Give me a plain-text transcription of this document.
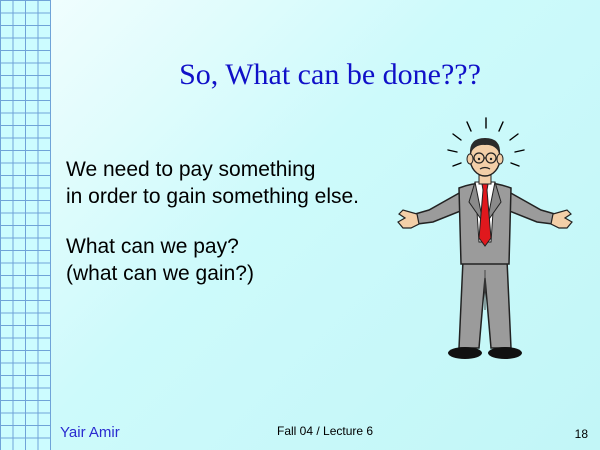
So, What can be done???

We need to pay something
in order to gain something else.

What can we pay?
(what can we gain?)

Yair Amir	Fall 04 / Lecture 6	18
